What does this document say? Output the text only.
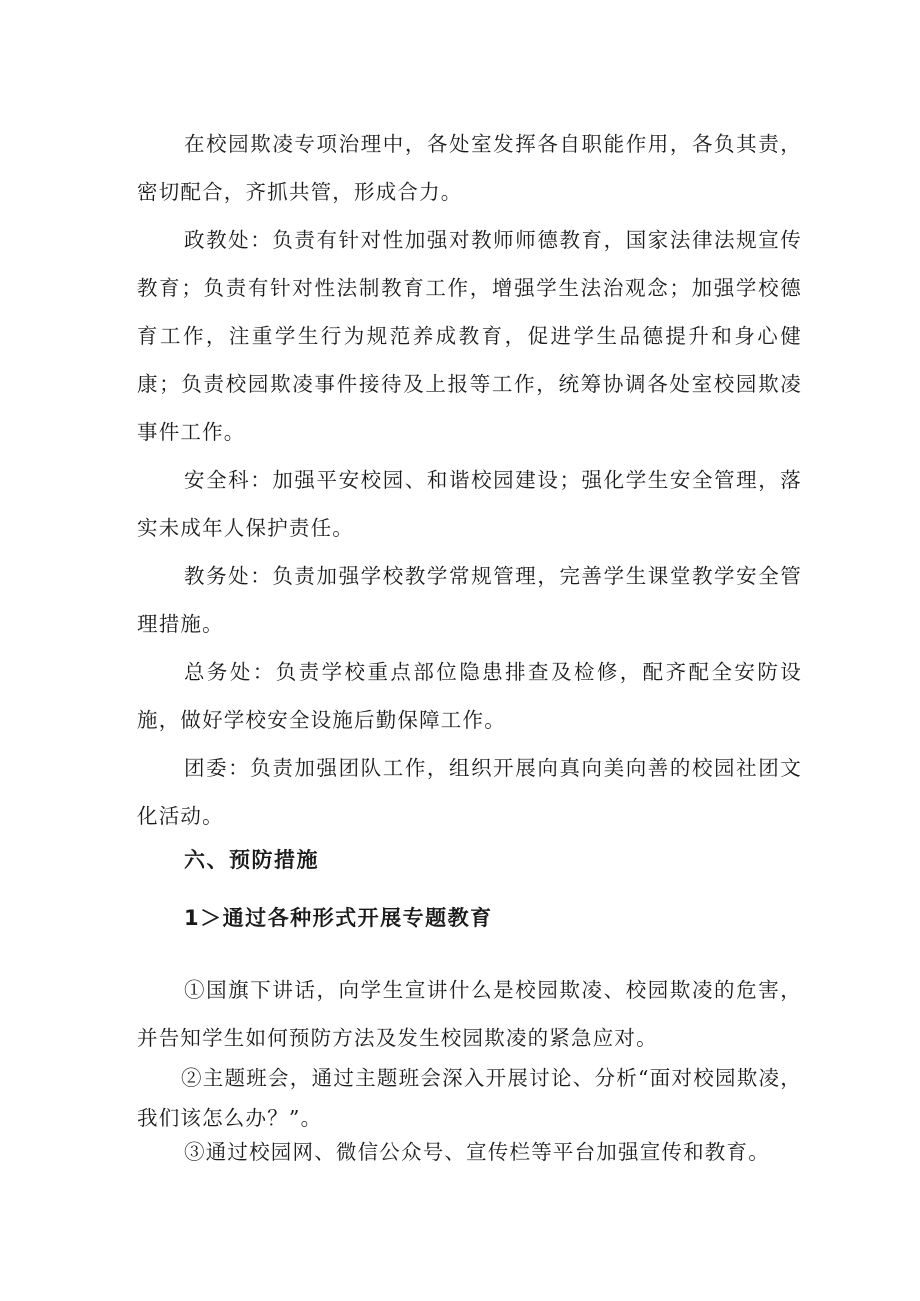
在校园欺凌专项治理中，各处室发挥各自职能作用，各负其责，密切配合，齐抓共管，形成合力。

政教处：负责有针对性加强对教师师德教育，国家法律法规宣传教育；负责有针对性法制教育工作，增强学生法治观念；加强学校德育工作，注重学生行为规范养成教育，促进学生品德提升和身心健康；负责校园欺凌事件接待及上报等工作，统筹协调各处室校园欺凌事件工作。

安全科：加强平安校园、和谐校园建设；强化学生安全管理，落实未成年人保护责任。

教务处：负责加强学校教学常规管理，完善学生课堂教学安全管理措施。

总务处：负责学校重点部位隐患排查及检修，配齐配全安防设施，做好学校安全设施后勤保障工作。

团委：负责加强团队工作，组织开展向真向美向善的校园社团文化活动。

六、预防措施
1＞通过各种形式开展专题教育

①国旗下讲话，向学生宣讲什么是校园欺凌、校园欺凌的危害，并告知学生如何预防方法及发生校园欺凌的紧急应对。

②主题班会，通过主题班会深入开展讨论、分析“面对校园欺凌，我们该怎么办？”。

③通过校园网、微信公众号、宣传栏等平台加强宣传和教育。
